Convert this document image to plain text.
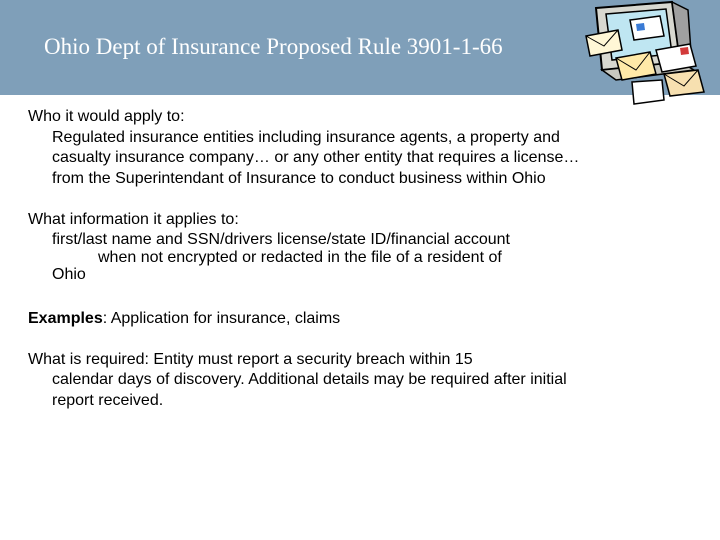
Ohio Dept of Insurance Proposed Rule 3901-1-66

Who it would apply to:
Regulated insurance entities including insurance agents, a property and casualty insurance company… or any other entity that requires a license… from the Superintendant of Insurance to conduct business within Ohio

What information it applies to:
first/last name and SSN/drivers license/state ID/financial account
when not encrypted or redacted in the file of a resident of
Ohio

Examples: Application for insurance, claims

What is required: Entity must report a security breach within 15
calendar days of discovery. Additional details may be required after initial report received.
